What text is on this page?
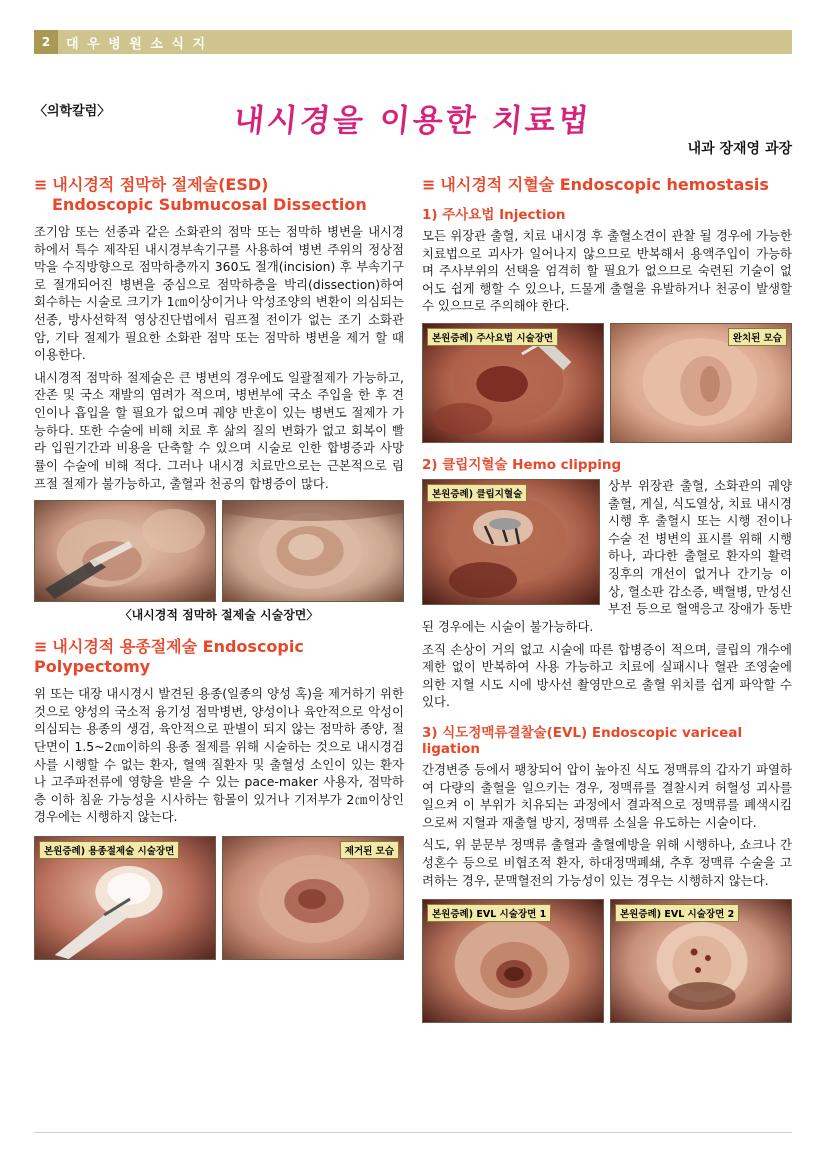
2	대 우 병 원 소 식 지
〈의학칼럼〉	내시경을 이용한 치료법
내과 장재영 과장
≡ 내시경적 점막하 절제술(ESD)
Endoscopic Submucosal Dissection

조기암 또는 선종과 같은 소화관의 점막 또는 점막하 병변을 내시경하에서 특수 제작된 내시경부속기구를 사용하여 병변 주위의 정상점막을 수직방향으로 점막하층까지 360도 절개(incision) 후 부속기구로 절개되어진 병변을 중심으로 점막하층을 박리(dissection)하여 회수하는 시술로 크기가 1㎝이상이거나 악성조양의 변환이 의심되는 선종, 방사선학적 영상진단법에서 림프절 전이가 없는 조기 소화관 암, 기타 절제가 필요한 소화관 점막 또는 점막하 병변을 제거 할 때 이용한다.

내시경적 점막하 절제술은 큰 병변의 경우에도 일괄절제가 가능하고, 잔존 및 국소 재발의 염려가 적으며, 병변부에 국소 주입을 한 후 견인이나 흡입을 할 필요가 없으며 궤양 반혼이 있는 병변도 절제가 가능하다. 또한 수술에 비해 치료 후 삶의 질의 변화가 없고 회복이 빨라 입원기간과 비용을 단축할 수 있으며 시술로 인한 합병증과 사망률이 수술에 비해 적다. 그러나 내시경 치료만으로는 근본적으로 림프절 절제가 불가능하고, 출혈과 천공의 합병증이 많다.

〈내시경적 점막하 절제술 시술장면〉
≡ 내시경적 용종절제술 Endoscopic Polypectomy

위 또는 대장 내시경시 발견된 용종(일종의 양성 혹)을 제거하기 위한 것으로 양성의 국소적 융기성 점막병변, 양성이나 육안적으로 악성이 의심되는 용종의 생검, 육안적으로 판별이 되지 않는 점막하 종양, 절단면이 1.5~2㎝이하의 용종 절제를 위해 시술하는 것으로 내시경검사를 시행할 수 없는 환자, 혈액 질환자 및 출혈성 소인이 있는 환자나 고주파전류에 영향을 받을 수 있는 pace-maker 사용자, 점막하층 이하 침윤 가능성을 시사하는 함몰이 있거나 기저부가 2㎝이상인 경우에는 시행하지 않는다.

본원증례) 용종절제술 시술장면	제거된 모습
≡ 내시경적 지혈술 Endoscopic hemostasis
1) 주사요법 Injection

모든 위장관 출혈, 치료 내시경 후 출혈소견이 관찰 될 경우에 가능한 치료법으로 괴사가 일어나지 않으므로 반복해서 용액주입이 가능하며 주사부위의 선택을 엄격히 할 필요가 없으므로 숙련된 기술이 없어도 쉽게 행할 수 있으나, 드물게 출혈을 유발하거나 천공이 발생할 수 있으므로 주의해야 한다.

본원증례) 주사요법 시술장면	완치된 모습
2) 클립지혈술 Hemo clipping
본원증례) 클립지혈술

상부 위장관 출혈, 소화관의 궤양 출혈, 게실, 식도열상, 치료 내시경 시행 후 출혈시 또는 시행 전이나 수술 전 병변의 표시를 위해 시행하나, 과다한 출혈로 환자의 활력징후의 개선이 없거나 간기능 이상, 혈소판 감소증, 백혈병, 만성신부전 등으로 혈액응고 장애가 동반된 경우에는 시술이 불가능하다.

조직 손상이 거의 없고 시술에 따른 합병증이 적으며, 클립의 개수에 제한 없이 반복하여 사용 가능하고 치료에 실패시나 혈관 조영술에 의한 지혈 시도 시에 방사선 촬영만으로 출혈 위치를 쉽게 파악할 수 있다.

3) 식도정맥류결찰술(EVL) Endoscopic variceal ligation

간경변증 등에서 팽창되어 압이 높아진 식도 정맥류의 갑자기 파열하여 다량의 출혈을 일으키는 경우, 정맥류를 결찰시켜 허혈성 괴사를 일으켜 이 부위가 치유되는 과정에서 결과적으로 정맥류를 폐색시킴으로써 지혈과 재출혈 방지, 정맥류 소실을 유도하는 시술이다.

식도, 위 분문부 정맥류 출혈과 출혈예방을 위해 시행하나, 쇼크나 간성혼수 등으로 비협조적 환자, 하대정맥폐쇄, 추후 정맥류 수술을 고려하는 경우, 문맥혈전의 가능성이 있는 경우는 시행하지 않는다.

본원증례) EVL 시술장면 1	본원증례) EVL 시술장면 2
